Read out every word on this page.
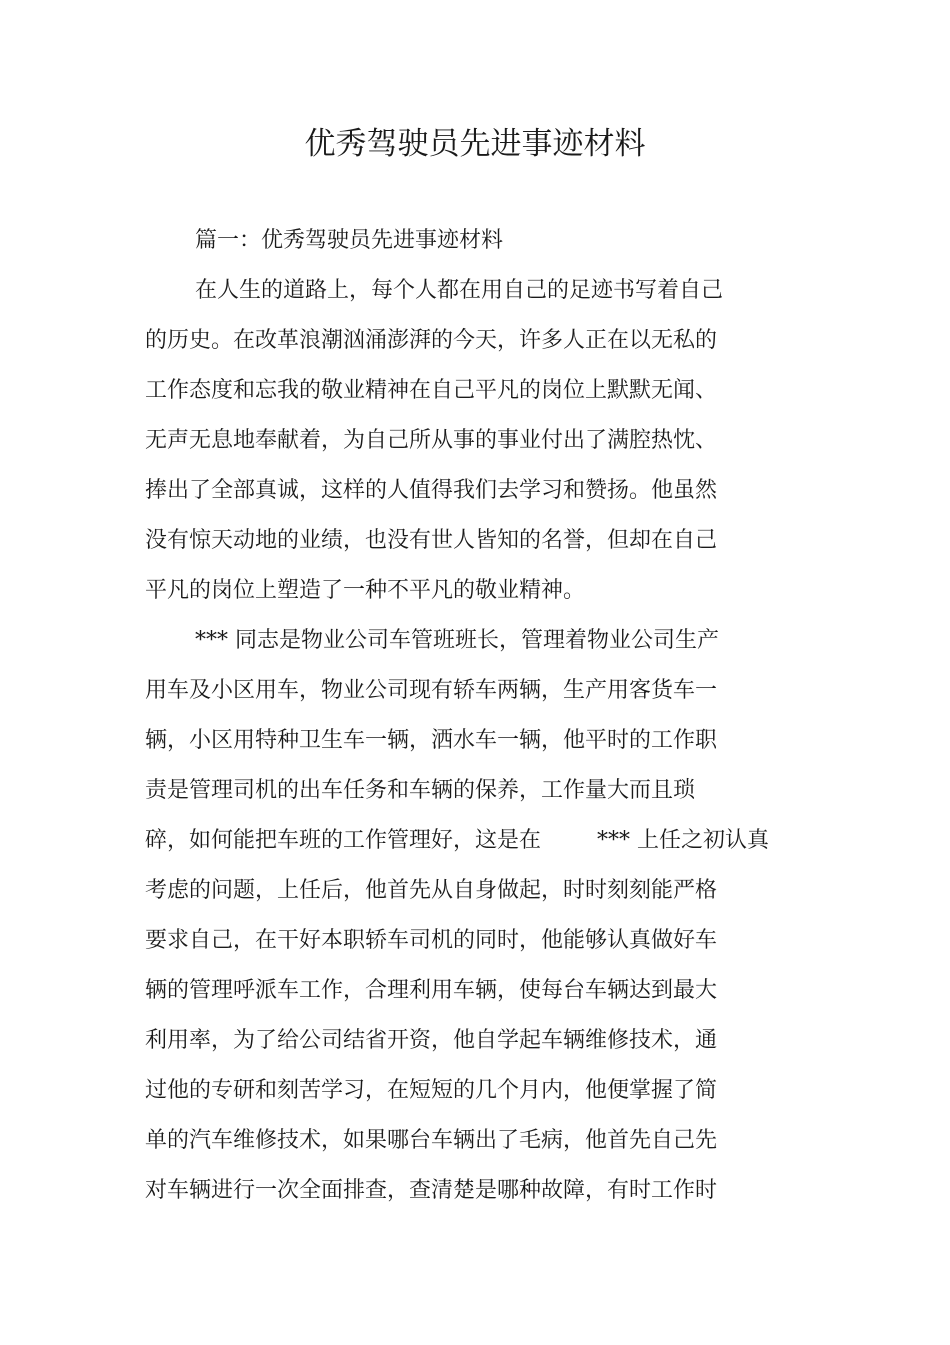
优秀驾驶员先进事迹材料
篇一：优秀驾驶员先进事迹材料
在人生的道路上，每个人都在用自己的足迹书写着自己
的历史。在改革浪潮汹涌澎湃的今天，许多人正在以无私的
工作态度和忘我的敬业精神在自己平凡的岗位上默默无闻、
无声无息地奉献着，为自己所从事的事业付出了满腔热忱、
捧出了全部真诚，这样的人值得我们去学习和赞扬。他虽然
没有惊天动地的业绩，也没有世人皆知的名誉，但却在自己
平凡的岗位上塑造了一种不平凡的敬业精神。
*** 同志是物业公司车管班班长，管理着物业公司生产
用车及小区用车，物业公司现有轿车两辆，生产用客货车一
辆，小区用特种卫生车一辆，洒水车一辆，他平时的工作职
责是管理司机的出车任务和车辆的保养，工作量大而且琐
碎，如何能把车班的工作管理好，这是在	*** 上任之初认真
考虑的问题，上任后，他首先从自身做起，时时刻刻能严格
要求自己，在干好本职轿车司机的同时，他能够认真做好车
辆的管理呼派车工作，合理利用车辆，使每台车辆达到最大
利用率，为了给公司结省开资，他自学起车辆维修技术，通
过他的专研和刻苦学习，在短短的几个月内，他便掌握了简
单的汽车维修技术，如果哪台车辆出了毛病，他首先自己先
对车辆进行一次全面排查，查清楚是哪种故障，有时工作时
